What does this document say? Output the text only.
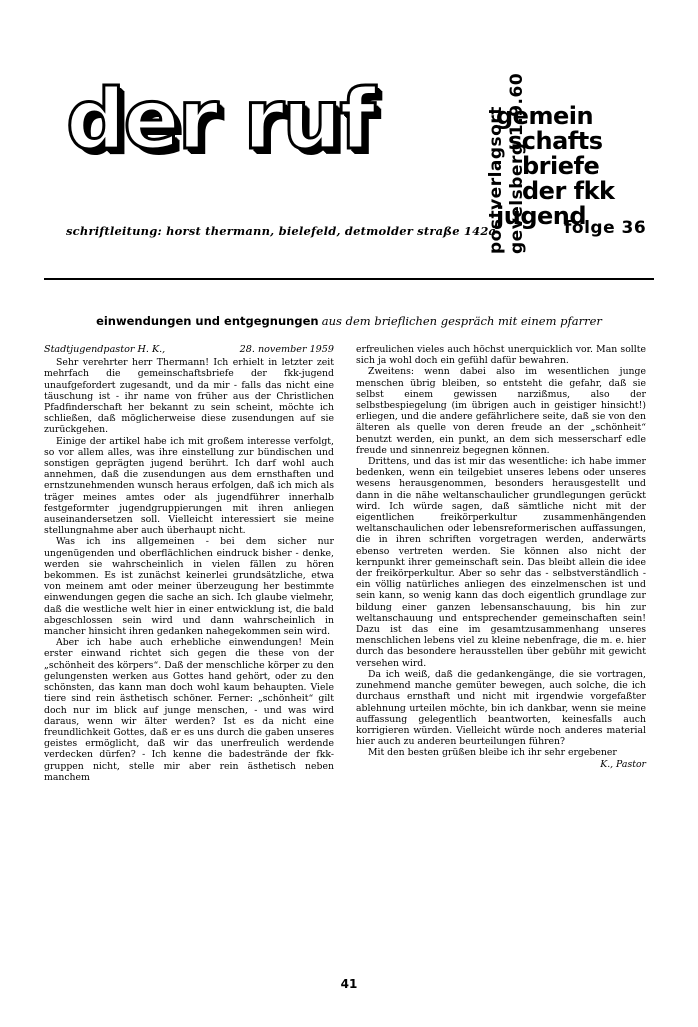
der ruf	postverlagsort gevelsberg 1.9.60
gemein
schafts
briefe
der fkk
jugend
schriftleitung: horst thermann, bielefeld, detmolder straße 142a	folge 36
einwendungen und entgegnungen aus dem brieflichen gespräch mit einem pfarrer
Stadtjugendpastor H. K.,	28. november 1959

Sehr verehrter herr Thermann! Ich erhielt in letzter zeit mehrfach die gemeinschaftsbriefe der fkk-jugend unaufgefordert zugesandt, und da mir - falls das nicht eine täuschung ist - ihr name von früher aus der Christlichen Pfadfinderschaft her bekannt zu sein scheint, möchte ich schließen, daß möglicherweise diese zusendungen auf sie zurückgehen.

Einige der artikel habe ich mit großem interesse verfolgt, so vor allem alles, was ihre einstellung zur bündischen und sonstigen geprägten jugend berührt. Ich darf wohl auch annehmen, daß die zusendungen aus dem ernsthaften und ernstzunehmenden wunsch heraus erfolgen, daß ich mich als träger meines amtes oder als jugendführer innerhalb festgeformter jugendgruppierungen mit ihren anliegen auseinandersetzen soll. Vielleicht interessiert sie meine stellungnahme aber auch überhaupt nicht.

Was ich ins allgemeinen - bei dem sicher nur ungenügenden und oberflächlichen eindruck bisher - denke, werden sie wahrscheinlich in vielen fällen zu hören bekommen. Es ist zunächst keinerlei grundsätzliche, etwa von meinem amt oder meiner überzeugung her bestimmte einwendungen gegen die sache an sich. Ich glaube vielmehr, daß die westliche welt hier in einer entwicklung ist, die bald abgeschlossen sein wird und dann wahrscheinlich in mancher hinsicht ihren gedanken nahegekommen sein wird.

Aber ich habe auch erhebliche einwendungen! Mein erster einwand richtet sich gegen die these von der „schönheit des körpers“. Daß der menschliche körper zu den gelungensten werken aus Gottes hand gehört, oder zu den schönsten, das kann man doch wohl kaum behaupten. Viele tiere sind rein ästhetisch schöner. Ferner: „schönheit“ gilt doch nur im blick auf junge menschen, - und was wird daraus, wenn wir älter werden? Ist es da nicht eine freundlichkeit Gottes, daß er es uns durch die gaben unseres geistes ermöglicht, daß wir das unerfreulich werdende verdecken dürfen? - Ich kenne die badestrände der fkk-gruppen nicht, stelle mir aber rein ästhetisch neben manchem

erfreulichen vieles auch höchst unerquicklich vor. Man sollte sich ja wohl doch ein gefühl dafür bewahren.

Zweitens: wenn dabei also im wesentlichen junge menschen übrig bleiben, so entsteht die gefahr, daß sie selbst einem gewissen narzißmus, also der selbstbespiegelung (im übrigen auch in geistiger hinsicht!) erliegen, und die andere gefährlichere seite, daß sie von den älteren als quelle von deren freude an der „schönheit“ benutzt werden, ein punkt, an dem sich messerscharf edle freude und sinnenreiz begegnen können.

Drittens, und das ist mir das wesentliche: ich habe immer bedenken, wenn ein teilgebiet unseres lebens oder unseres wesens herausgenommen, besonders herausgestellt und dann in die nähe weltanschaulicher grundlegungen gerückt wird. Ich würde sagen, daß sämtliche nicht mit der eigentlichen freikörperkultur zusammenhängenden weltanschaulichen oder lebensreformerischen auffassungen, die in ihren schriften vorgetragen werden, anderwärts ebenso vertreten werden. Sie können also nicht der kernpunkt ihrer gemeinschaft sein. Das bleibt allein die idee der freikörperkultur. Aber so sehr das - selbstverständlich - ein völlig natürliches anliegen des einzelmenschen ist und sein kann, so wenig kann das doch eigentlich grundlage zur bildung einer ganzen lebensanschauung, bis hin zur weltanschauung und entsprechender gemeinschaften sein! Dazu ist das eine im gesamtzusammenhang unseres menschlichen lebens viel zu kleine nebenfrage, die m. e. hier durch das besondere herausstellen über gebühr mit gewicht versehen wird.

Da ich weiß, daß die gedankengänge, die sie vortragen, zunehmend manche gemüter bewegen, auch solche, die ich durchaus ernsthaft und nicht mit irgendwie vorgefaßter ablehnung urteilen möchte, bin ich dankbar, wenn sie meine auffassung gelegentlich beantworten, keinesfalls auch korrigieren würden. Vielleicht würde noch anderes material hier auch zu anderen beurteilungen führen?

Mit den besten grüßen bleibe ich ihr sehr ergebener

K., Pastor

41
